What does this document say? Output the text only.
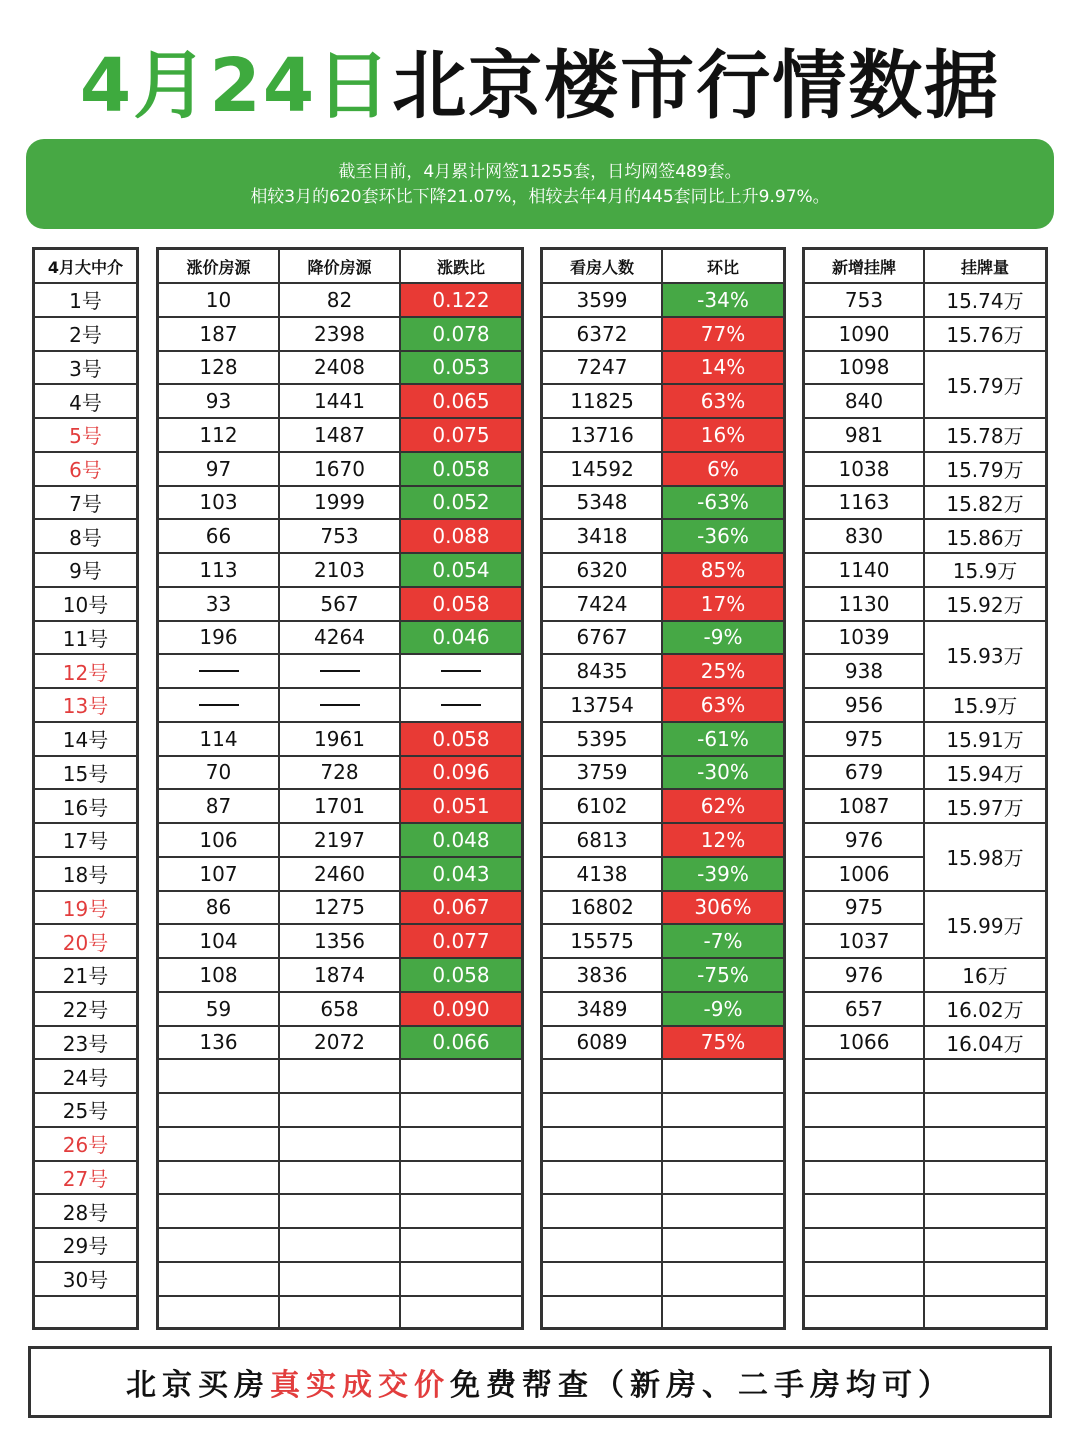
4月24日北京楼市行情数据
截至目前，4月累计网签11255套，日均网签489套。
相较3月的620套环比下降21.07%，相较去年4月的445套同比上升9.97%。
4月大中介
1号
2号
3号
4号
5号
6号
7号
8号
9号
10号
11号
12号
13号
14号
15号
16号
17号
18号
19号
20号
21号
22号
23号
24号
25号
26号
27号
28号
29号
30号
涨价房源
10
187
128
93
112
97
103
66
113
33
196
114
70
87
106
107
86
104
108
59
136
降价房源
82
2398
2408
1441
1487
1670
1999
753
2103
567
4264
1961
728
1701
2197
2460
1275
1356
1874
658
2072
涨跌比
0.122
0.078
0.053
0.065
0.075
0.058
0.052
0.088
0.054
0.058
0.046
0.058
0.096
0.051
0.048
0.043
0.067
0.077
0.058
0.090
0.066
看房人数
3599
6372
7247
11825
13716
14592
5348
3418
6320
7424
6767
8435
13754
5395
3759
6102
6813
4138
16802
15575
3836
3489
6089
环比
-34%
77%
14%
63%
16%
6%
-63%
-36%
85%
17%
-9%
25%
63%
-61%
-30%
62%
12%
-39%
306%
-7%
-75%
-9%
75%
新增挂牌
753
1090
1098
840
981
1038
1163
830
1140
1130
1039
938
956
975
679
1087
976
1006
975
1037
976
657
1066
挂牌量
15.74万
15.76万
15.79万
15.78万
15.79万
15.82万
15.86万
15.9万
15.92万
15.93万
15.9万
15.91万
15.94万
15.97万
15.98万
15.99万
16万
16.02万
16.04万
北京买房 真实成交价 免费帮查（新房、二手房均可）
